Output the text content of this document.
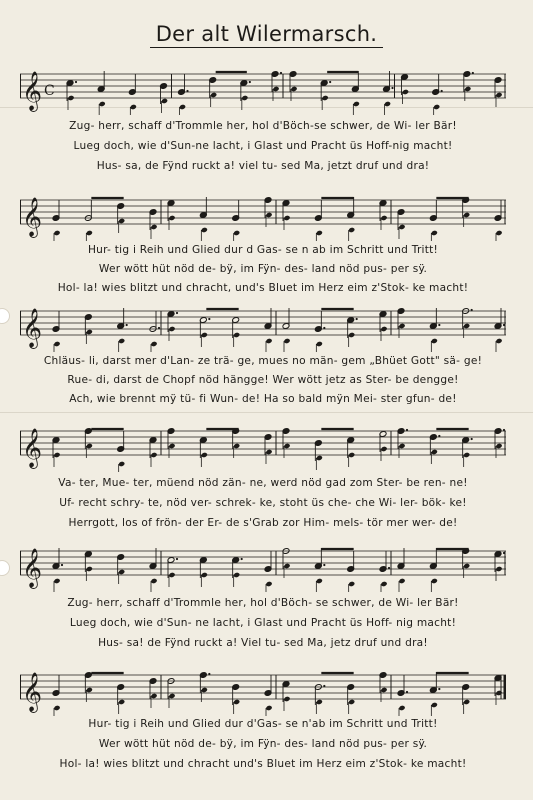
Der alt Wilermarsch.
𝄞 C
Zug- herr, schaff d'Trommle her, hol d'Böch-se schwer, de Wi- ler Bär!
Lueg doch, wie d'Sun-ne lacht, i Glast und Pracht üs Hoff-nig macht!
Hus- sa, de Fÿnd ruckt a! viel tu- sed Ma, jetzt druf und dra!
𝄞
Hur- tig i Reih und Glied dur d Gas- se n ab im Schritt und Tritt!
Wer wött hüt nöd de- bÿ, im Fÿn- des- land nöd pus- per sÿ.
Hol- la! wies blitzt und chracht, und's Bluet im Herz eim z'Stok- ke macht!
𝄞
Chläus- li, darst mer d'Lan- ze trä- ge, mues no män- gem „Bhüet Gott" sä- ge!
Rue- di, darst de Chopf nöd hängge! Wer wött jetz as Ster- be dengge!
Ach, wie brennt mÿ tü- fi Wun- de! Ha so bald mÿn Mei- ster gfun- de!
𝄞
Va- ter, Mue- ter, müend nöd zän- ne, werd nöd gad zom Ster- be ren- ne!
Uf- recht schry- te, nöd ver- schrek- ke, stoht üs che- che Wi- ler- bök- ke!
Herrgott, los of frön- der Er- de s'Grab zor Him- mels- tör mer wer- de!
𝄞
Zug- herr, schaff d'Trommle her, hol d'Böch- se schwer, de Wi- ler Bär!
Lueg doch, wie d'Sun- ne lacht, i Glast und Pracht üs Hoff- nig macht!
Hus- sa! de Fÿnd ruckt a! Viel tu- sed Ma, jetz druf und dra!
𝄞
Hur- tig i Reih und Glied dur d'Gas- se n'ab im Schritt und Tritt!
Wer wött hüt nöd de- bÿ, im Fÿn- des- land nöd pus- per sÿ.
Hol- la! wies blitzt und chracht und's Bluet im Herz eim z'Stok- ke macht!
